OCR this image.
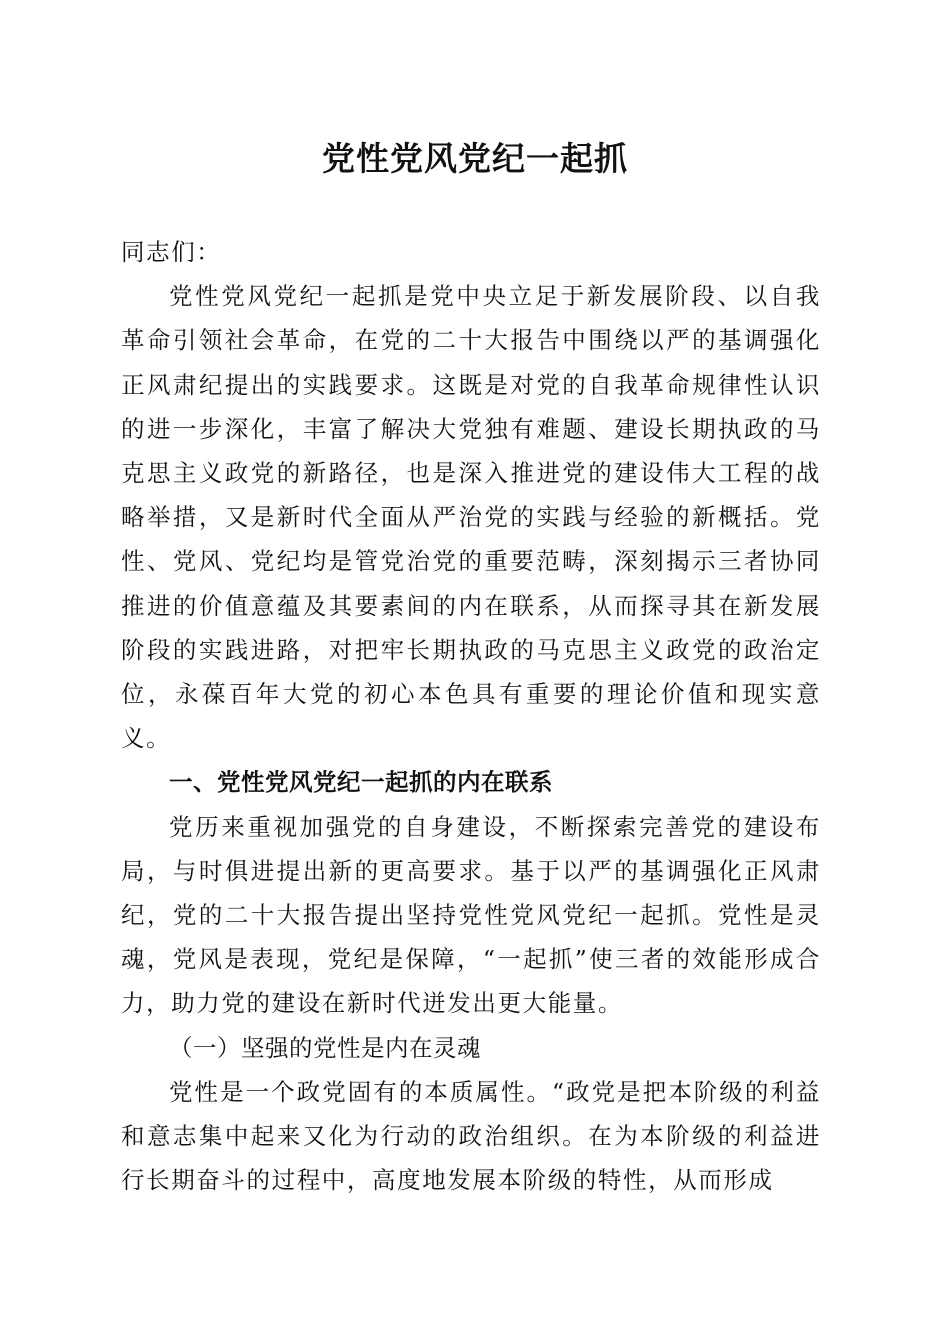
党性党风党纪一起抓

同志们：

党性党风党纪一起抓是党中央立足于新发展阶段、以自我革命引领社会革命，在党的二十大报告中围绕以严的基调强化正风肃纪提出的实践要求。这既是对党的自我革命规律性认识的进一步深化，丰富了解决大党独有难题、建设长期执政的马克思主义政党的新路径，也是深入推进党的建设伟大工程的战略举措，又是新时代全面从严治党的实践与经验的新概括。党性、党风、党纪均是管党治党的重要范畴，深刻揭示三者协同推进的价值意蕴及其要素间的内在联系，从而探寻其在新发展阶段的实践进路，对把牢长期执政的马克思主义政党的政治定位，永葆百年大党的初心本色具有重要的理论价值和现实意义。

一、党性党风党纪一起抓的内在联系

党历来重视加强党的自身建设，不断探索完善党的建设布局，与时俱进提出新的更高要求。基于以严的基调强化正风肃纪，党的二十大报告提出坚持党性党风党纪一起抓。党性是灵魂，党风是表现，党纪是保障，“一起抓”使三者的效能形成合力，助力党的建设在新时代迸发出更大能量。

（一）坚强的党性是内在灵魂

党性是一个政党固有的本质属性。“政党是把本阶级的利益和意志集中起来又化为行动的政治组织。在为本阶级的利益进行长期奋斗的过程中，高度地发展本阶级的特性，从而形成
